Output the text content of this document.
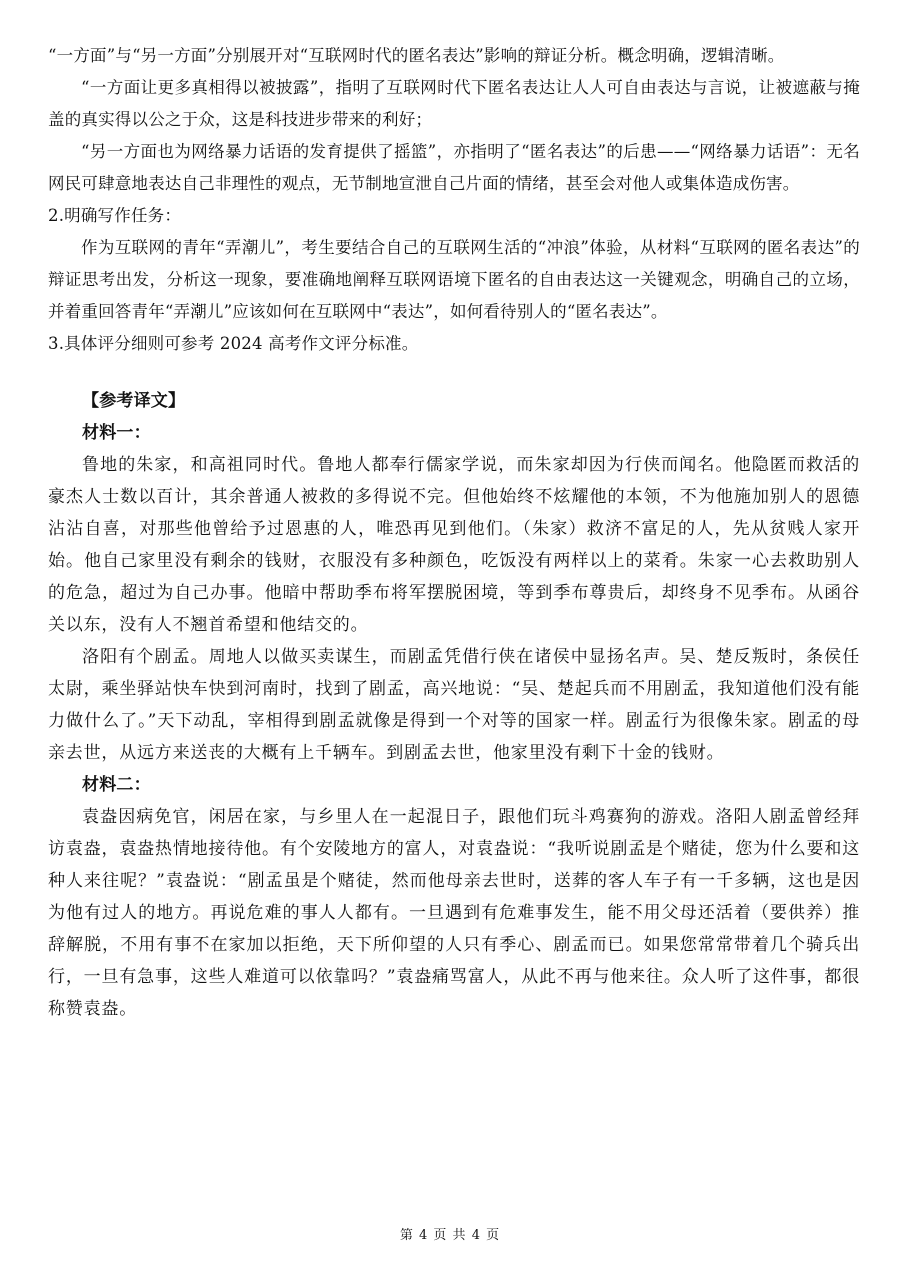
“一方面”与“另一方面”分别展开对“互联网时代的匿名表达”影响的辩证分析。概念明确，逻辑清晰。

“一方面让更多真相得以被披露”，指明了互联网时代下匿名表达让人人可自由表达与言说，让被遮蔽与掩盖的真实得以公之于众，这是科技进步带来的利好；

“另一方面也为网络暴力话语的发育提供了摇篮”，亦指明了“匿名表达”的后患——“网络暴力话语”：无名网民可肆意地表达自己非理性的观点，无节制地宣泄自己片面的情绪，甚至会对他人或集体造成伤害。

2.明确写作任务：

作为互联网的青年“弄潮儿”，考生要结合自己的互联网生活的“冲浪”体验，从材料“互联网的匿名表达”的辩证思考出发，分析这一现象，要准确地阐释互联网语境下匿名的自由表达这一关键观念，明确自己的立场，并着重回答青年“弄潮儿”应该如何在互联网中“表达”，如何看待别人的“匿名表达”。

3.具体评分细则可参考 2024 高考作文评分标准。

【参考译文】

材料一：

鲁地的朱家，和高祖同时代。鲁地人都奉行儒家学说，而朱家却因为行侠而闻名。他隐匿而救活的豪杰人士数以百计，其余普通人被救的多得说不完。但他始终不炫耀他的本领，不为他施加别人的恩德沾沾自喜，对那些他曾给予过恩惠的人，唯恐再见到他们。（朱家）救济不富足的人，先从贫贱人家开始。他自己家里没有剩余的钱财，衣服没有多种颜色，吃饭没有两样以上的菜肴。朱家一心去救助别人的危急，超过为自己办事。他暗中帮助季布将军摆脱困境，等到季布尊贵后，却终身不见季布。从函谷关以东，没有人不翘首希望和他结交的。

洛阳有个剧孟。周地人以做买卖谋生，而剧孟凭借行侠在诸侯中显扬名声。吴、楚反叛时，条侯任太尉，乘坐驿站快车快到河南时，找到了剧孟，高兴地说：“吴、楚起兵而不用剧孟，我知道他们没有能力做什么了。”天下动乱，宰相得到剧孟就像是得到一个对等的国家一样。剧孟行为很像朱家。剧孟的母亲去世，从远方来送丧的大概有上千辆车。到剧孟去世，他家里没有剩下十金的钱财。

材料二：

袁盎因病免官，闲居在家，与乡里人在一起混日子，跟他们玩斗鸡赛狗的游戏。洛阳人剧孟曾经拜访袁盎，袁盎热情地接待他。有个安陵地方的富人，对袁盎说：“我听说剧孟是个赌徒，您为什么要和这种人来往呢？”袁盎说：“剧孟虽是个赌徒，然而他母亲去世时，送葬的客人车子有一千多辆，这也是因为他有过人的地方。再说危难的事人人都有。一旦遇到有危难事发生，能不用父母还活着（要供养）推辞解脱，不用有事不在家加以拒绝，天下所仰望的人只有季心、剧孟而已。如果您常常带着几个骑兵出行，一旦有急事，这些人难道可以依靠吗？”袁盎痛骂富人，从此不再与他来往。众人听了这件事，都很称赞袁盎。

第 4 页 共 4 页
